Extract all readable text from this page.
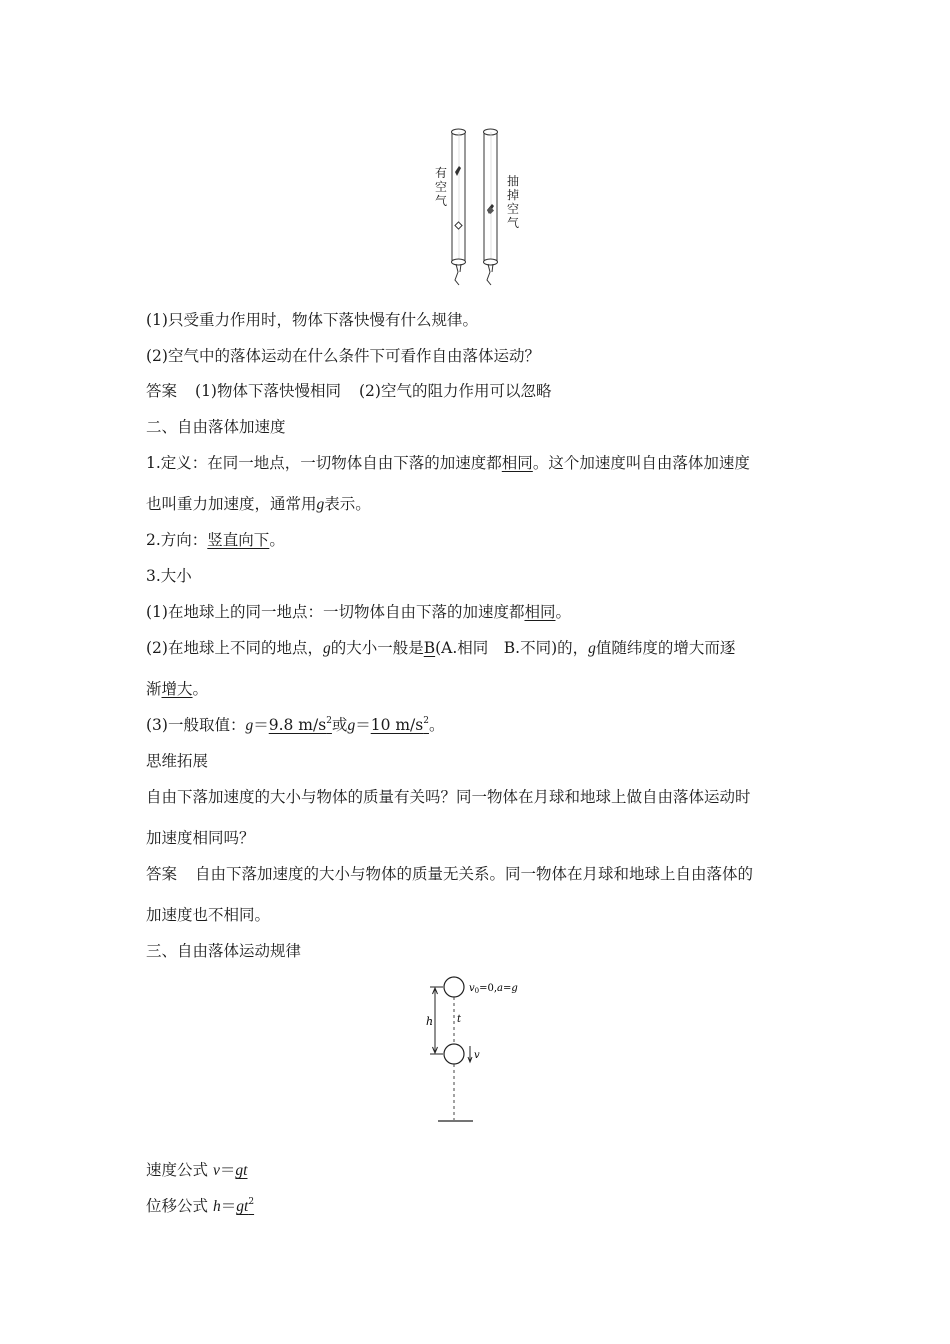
有
空
气
抽
掉
空
气
(1)只受重力作用时，物体下落快慢有什么规律。
(2)空气中的落体运动在什么条件下可看作自由落体运动？
答案 (1)物体下落快慢相同 (2)空气的阻力作用可以忽略
二、自由落体加速度
1.定义：在同一地点，一切物体自由下落的加速度都相同。这个加速度叫自由落体加速度
也叫重力加速度，通常用g表示。
2.方向：竖直向下。
3.大小
(1)在地球上的同一地点：一切物体自由下落的加速度都相同。
(2)在地球上不同的地点，g的大小一般是B(A.相同　B.不同)的，g值随纬度的增大而逐
渐增大。
(3)一般取值：g＝9.8 $m/s^2$或g＝10 $m/s^2$。
思维拓展
自由下落加速度的大小与物体的质量有关吗？同一物体在月球和地球上做自由落体运动时
加速度相同吗？
答案 自由下落加速度的大小与物体的质量无关系。同一物体在月球和地球上自由落体的
加速度也不相同。
三、自由落体运动规律
$v_0=0,a=g$
h t
v
速度公式 v＝gt
位移公式 $h=gt^2$
